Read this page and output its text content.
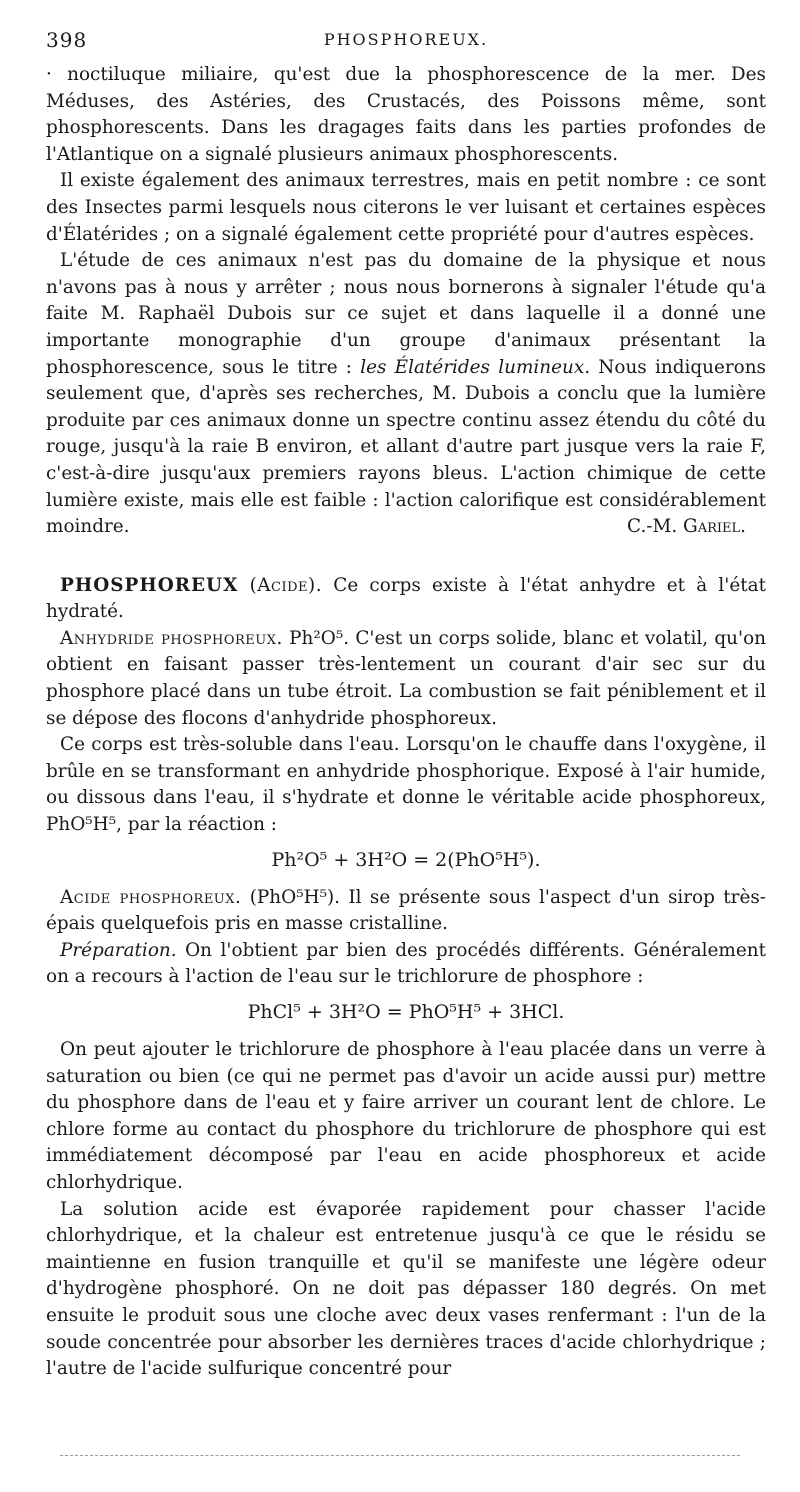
398	PHOSPHOREUX.

· noctiluque miliaire, qu'est due la phosphorescence de la mer. Des Méduses, des Astéries, des Crustacés, des Poissons même, sont phosphorescents. Dans les dragages faits dans les parties profondes de l'Atlantique on a signalé plusieurs animaux phosphorescents.

Il existe également des animaux terrestres, mais en petit nombre : ce sont des Insectes parmi lesquels nous citerons le ver luisant et certaines espèces d'Élatérides ; on a signalé également cette propriété pour d'autres espèces.

L'étude de ces animaux n'est pas du domaine de la physique et nous n'avons pas à nous y arrêter ; nous nous bornerons à signaler l'étude qu'a faite M. Raphaël Dubois sur ce sujet et dans laquelle il a donné une importante monographie d'un groupe d'animaux présentant la phosphorescence, sous le titre : les Élatérides lumineux. Nous indiquerons seulement que, d'après ses recherches, M. Dubois a conclu que la lumière produite par ces animaux donne un spectre continu assez étendu du côté du rouge, jusqu'à la raie B environ, et allant d'autre part jusque vers la raie F, c'est-à-dire jusqu'aux premiers rayons bleus. L'action chimique de cette lumière existe, mais elle est faible : l'action calorifique est considérablement moindre.	C.-M. Gariel.

PHOSPHOREUX (Acide). Ce corps existe à l'état anhydre et à l'état hydraté.

Anhydride phosphoreux. Ph²O⁵. C'est un corps solide, blanc et volatil, qu'on obtient en faisant passer très-lentement un courant d'air sec sur du phosphore placé dans un tube étroit. La combustion se fait péniblement et il se dépose des flocons d'anhydride phosphoreux.

Ce corps est très-soluble dans l'eau. Lorsqu'on le chauffe dans l'oxygène, il brûle en se transformant en anhydride phosphorique. Exposé à l'air humide, ou dissous dans l'eau, il s'hydrate et donne le véritable acide phosphoreux, PhO⁵H⁵, par la réaction :

Ph²O⁵ + 3H²O = 2(PhO⁵H⁵).

Acide phosphoreux. (PhO⁵H⁵). Il se présente sous l'aspect d'un sirop très-épais quelquefois pris en masse cristalline.

Préparation. On l'obtient par bien des procédés différents. Généralement on a recours à l'action de l'eau sur le trichlorure de phosphore :

PhCl⁵ + 3H²O = PhO⁵H⁵ + 3HCl.

On peut ajouter le trichlorure de phosphore à l'eau placée dans un verre à saturation ou bien (ce qui ne permet pas d'avoir un acide aussi pur) mettre du phosphore dans de l'eau et y faire arriver un courant lent de chlore. Le chlore forme au contact du phosphore du trichlorure de phosphore qui est immédiatement décomposé par l'eau en acide phosphoreux et acide chlorhydrique.

La solution acide est évaporée rapidement pour chasser l'acide chlorhydrique, et la chaleur est entretenue jusqu'à ce que le résidu se maintienne en fusion tranquille et qu'il se manifeste une légère odeur d'hydrogène phosphoré. On ne doit pas dépasser 180 degrés. On met ensuite le produit sous une cloche avec deux vases renfermant : l'un de la soude concentrée pour absorber les dernières traces d'acide chlorhydrique ; l'autre de l'acide sulfurique concentré pour
